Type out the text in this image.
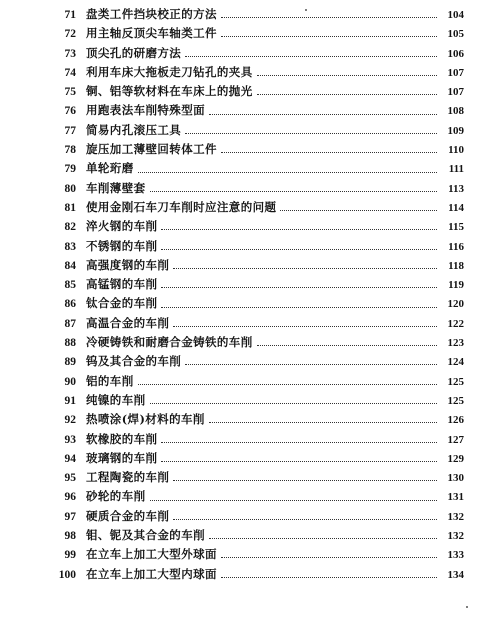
71 盘类工件挡块校正的方法	104
72 用主轴反顶尖车轴类工件	105
73 顶尖孔的研磨方法	106
74 利用车床大拖板走刀钻孔的夹具	107
75 铜、铝等软材料在车床上的抛光	107
76 用跑表法车削特殊型面	108
77 简易内孔滚压工具	109
78 旋压加工薄壁回转体工件	110
79 单轮珩磨	111
80 车削薄壁套	113
81 使用金刚石车刀车削时应注意的问题	114
82 淬火钢的车削	115
83 不锈钢的车削	116
84 高强度钢的车削	118
85 高锰钢的车削	119
86 钛合金的车削	120
87 高温合金的车削	122
88 冷硬铸铁和耐磨合金铸铁的车削	123
89 钨及其合金的车削	124
90 铝的车削	125
91 纯镍的车削	125
92 热喷涂(焊)材料的车削	126
93 软橡胶的车削	127
94 玻璃钢的车削	129
95 工程陶瓷的车削	130
96 砂轮的车削	131
97 硬质合金的车削	132
98 钼、铌及其合金的车削	132
99 在立车上加工大型外球面	133
100 在立车上加工大型内球面	134
